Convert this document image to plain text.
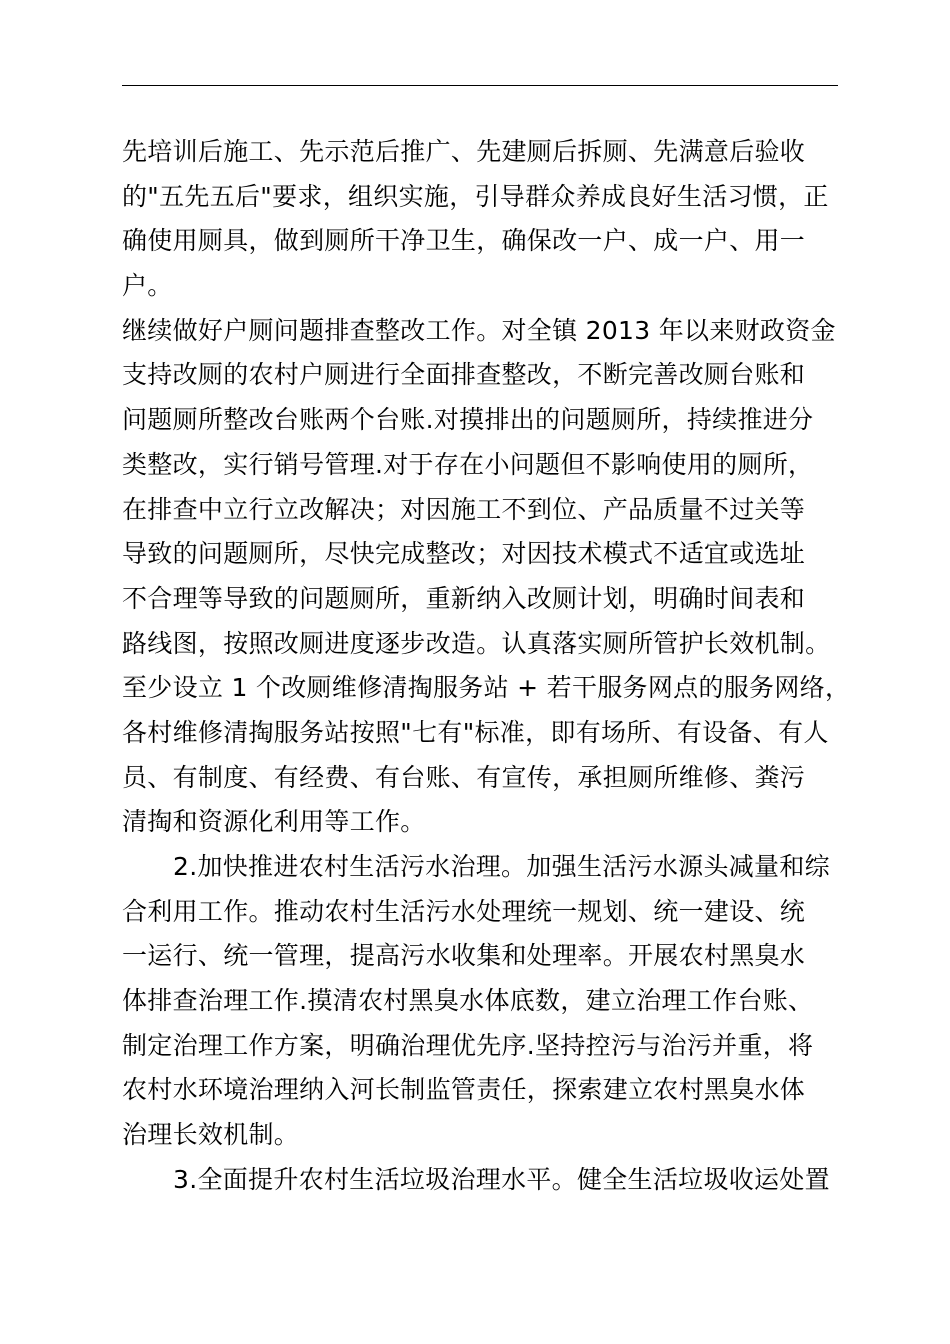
先培训后施工、先示范后推广、先建厕后拆厕、先满意后验收
的"五先五后"要求，组织实施，引导群众养成良好生活习惯，正
确使用厕具，做到厕所干净卫生，确保改一户、成一户、用一
户。
继续做好户厕问题排查整改工作。对全镇 2013 年以来财政资金
支持改厕的农村户厕进行全面排查整改，不断完善改厕台账和
问题厕所整改台账两个台账.对摸排出的问题厕所，持续推进分
类整改，实行销号管理.对于存在小问题但不影响使用的厕所，
在排查中立行立改解决；对因施工不到位、产品质量不过关等
导致的问题厕所，尽快完成整改；对因技术模式不适宜或选址
不合理等导致的问题厕所，重新纳入改厕计划，明确时间表和
路线图，按照改厕进度逐步改造。认真落实厕所管护长效机制。
至少设立 1 个改厕维修清掏服务站 + 若干服务网点的服务网络，
各村维修清掏服务站按照"七有"标准，即有场所、有设备、有人
员、有制度、有经费、有台账、有宣传，承担厕所维修、粪污
清掏和资源化利用等工作。
2.加快推进农村生活污水治理。加强生活污水源头减量和综
合利用工作。推动农村生活污水处理统一规划、统一建设、统
一运行、统一管理，提高污水收集和处理率。开展农村黑臭水
体排查治理工作.摸清农村黑臭水体底数，建立治理工作台账、
制定治理工作方案，明确治理优先序.坚持控污与治污并重，将
农村水环境治理纳入河长制监管责任，探索建立农村黑臭水体
治理长效机制。
3.全面提升农村生活垃圾治理水平。健全生活垃圾收运处置
